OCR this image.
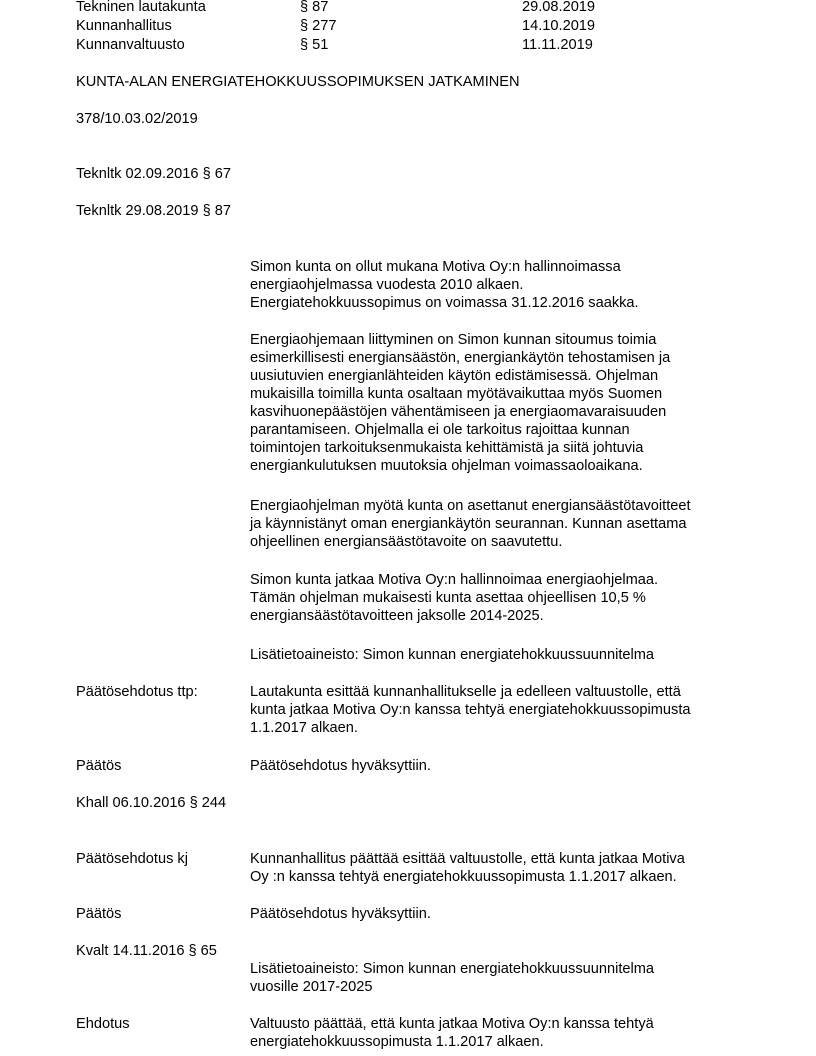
Tekninen lautakunta	§ 87	29.08.2019
Kunnanhallitus	§ 277	14.10.2019
Kunnanvaltuusto	§ 51	11.11.2019
KUNTA-ALAN ENERGIATEHOKKUUSSOPIMUKSEN JATKAMINEN
378/10.03.02/2019
Teknltk 02.09.2016 § 67
Teknltk 29.08.2019 § 87
Simon kunta on ollut mukana Motiva Oy:n hallinnoimassa
energiaohjelmassa vuodesta 2010 alkaen.
Energiatehokkuussopimus on voimassa 31.12.2016 saakka.
Energiaohjemaan liittyminen on Simon kunnan sitoumus toimia
esimerkillisesti energiansäästön, energiankäytön tehostamisen ja
uusiutuvien energianlähteiden käytön edistämisessä. Ohjelman
mukaisilla toimilla kunta osaltaan myötävaikuttaa myös Suomen
kasvihuonepäästöjen vähentämiseen ja energiaomavaraisuuden
parantamiseen. Ohjelmalla ei ole tarkoitus rajoittaa kunnan
toimintojen tarkoituksenmukaista kehittämistä ja siitä johtuvia
energiankulutuksen muutoksia ohjelman voimassaoloaikana.
Energiaohjelman myötä kunta on asettanut energiansäästötavoitteet
ja käynnistänyt oman energiankäytön seurannan. Kunnan asettama
ohjeellinen energiansäästötavoite on saavutettu.
Simon kunta jatkaa Motiva Oy:n hallinnoimaa energiaohjelmaa.
Tämän ohjelman mukaisesti kunta asettaa ohjeellisen 10,5 %
energiansäästötavoitteen jaksolle 2014-2025.
Lisätietoaineisto: Simon kunnan energiatehokkuussuunnitelma
Päätösehdotus ttp:	Lautakunta esittää kunnanhallitukselle ja edelleen valtuustolle, että
kunta jatkaa Motiva Oy:n kanssa tehtyä energiatehokkuussopimusta
1.1.2017 alkaen.
Päätös	Päätösehdotus hyväksyttiin.
Khall 06.10.2016 § 244
Päätösehdotus kj	Kunnanhallitus päättää esittää valtuustolle, että kunta jatkaa Motiva
Oy :n kanssa tehtyä energiatehokkuussopimusta 1.1.2017 alkaen.
Päätös	Päätösehdotus hyväksyttiin.
Kvalt 14.11.2016 § 65
Lisätietoaineisto: Simon kunnan energiatehokkuussuunnitelma
vuosille 2017-2025
Ehdotus	Valtuusto päättää, että kunta jatkaa Motiva Oy:n kanssa tehtyä
energiatehokkuussopimusta 1.1.2017 alkaen.
